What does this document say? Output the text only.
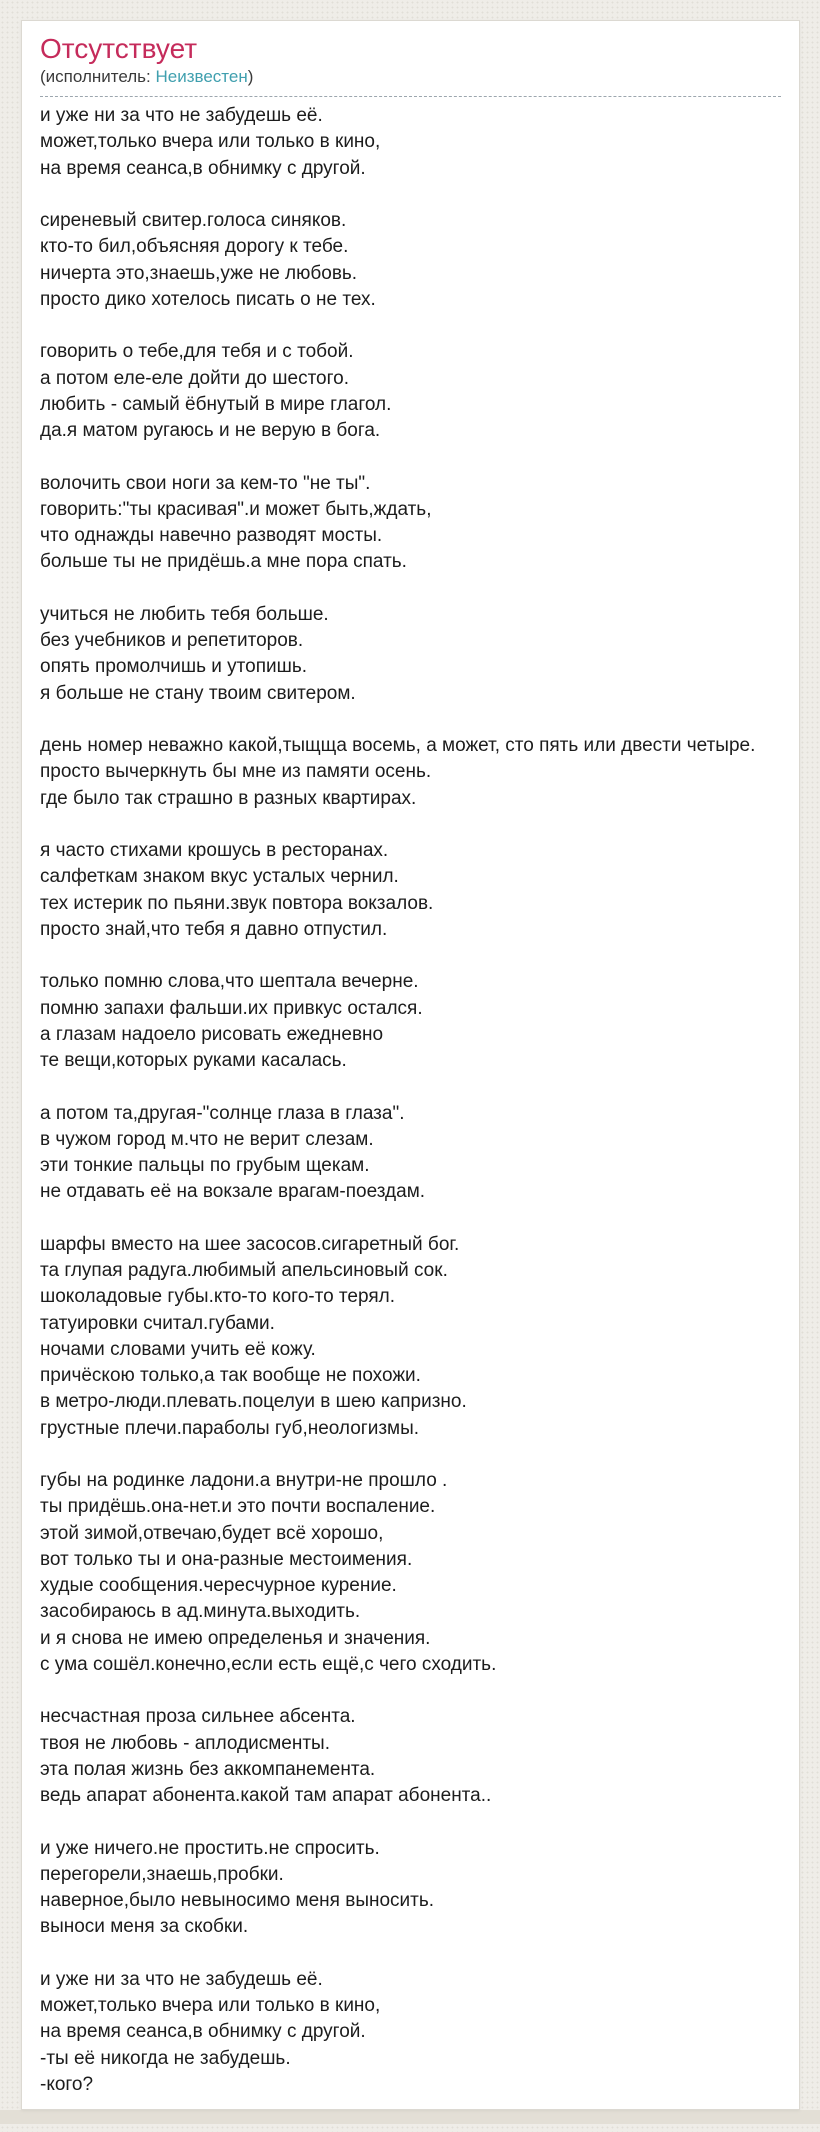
Отсутствует
(исполнитель: Неизвестен)

и уже ни за что не забудешь её.
может,только вчера или только в кино,
на время сеанса,в обнимку с другой.

сиреневый свитер.голоса синяков.
кто-то бил,объясняя дорогу к тебе.
ничерта это,знаешь,уже не любовь.
просто дико хотелось писать о не тех.

говорить о тебе,для тебя и с тобой.
а потом еле-еле дойти до шестого.
любить - самый ёбнутый в мире глагол.
да.я матом ругаюсь и не верую в бога.

волочить свои ноги за кем-то "не ты".
говорить:"ты красивая".и может быть,ждать,
что однажды навечно разводят мосты.
больше ты не придёшь.а мне пора спать.

учиться не любить тебя больше.
без учебников и репетиторов.
опять промолчишь и утопишь.
я больше не стану твоим свитером.

день номер неважно какой,тыщща восемь, а может, сто пять или двести четыре.
просто вычеркнуть бы мне из памяти осень.
где было так страшно в разных квартирах.

я часто стихами крошусь в ресторанах.
салфеткам знаком вкус усталых чернил.
тех истерик по пьяни.звук повтора вокзалов.
просто знай,что тебя я давно отпустил.

только помню слова,что шептала вечерне.
помню запахи фальши.их привкус остался.
а глазам надоело рисовать ежедневно
те вещи,которых руками касалась.

а потом та,другая-"солнце глаза в глаза".
в чужом город м.что не верит слезам.
эти тонкие пальцы по грубым щекам.
не отдавать её на вокзале врагам-поездам.

шарфы вместо на шее засосов.сигаретный бог.
та глупая радуга.любимый апельсиновый сок.
шоколадовые губы.кто-то кого-то терял.
татуировки считал.губами.
ночами словами учить её кожу.
причёскою только,а так вообще не похожи.
в метро-люди.плевать.поцелуи в шею капризно.
грустные плечи.параболы губ,неологизмы.

губы на родинке ладони.а внутри-не прошло .
ты придёшь.она-нет.и это почти воспаление.
этой зимой,отвечаю,будет всё хорошо,
вот только ты и она-разные местоимения.
худые сообщения.чересчурное курение.
засобираюсь в ад.минута.выходить.
и я снова не имею определенья и значения.
с ума сошёл.конечно,если есть ещё,с чего сходить.

несчастная проза сильнее абсента.
твоя не любовь - аплодисменты.
эта полая жизнь без аккомпанемента.
ведь апарат абонента.какой там апарат абонента..

и уже ничего.не простить.не спросить.
перегорели,знаешь,пробки.
наверное,было невыносимо меня выносить.
выноси меня за скобки.

и уже ни за что не забудешь её.
может,только вчера или только в кино,
на время сеанса,в обнимку с другой.
-ты её никогда не забудешь.
-кого?
